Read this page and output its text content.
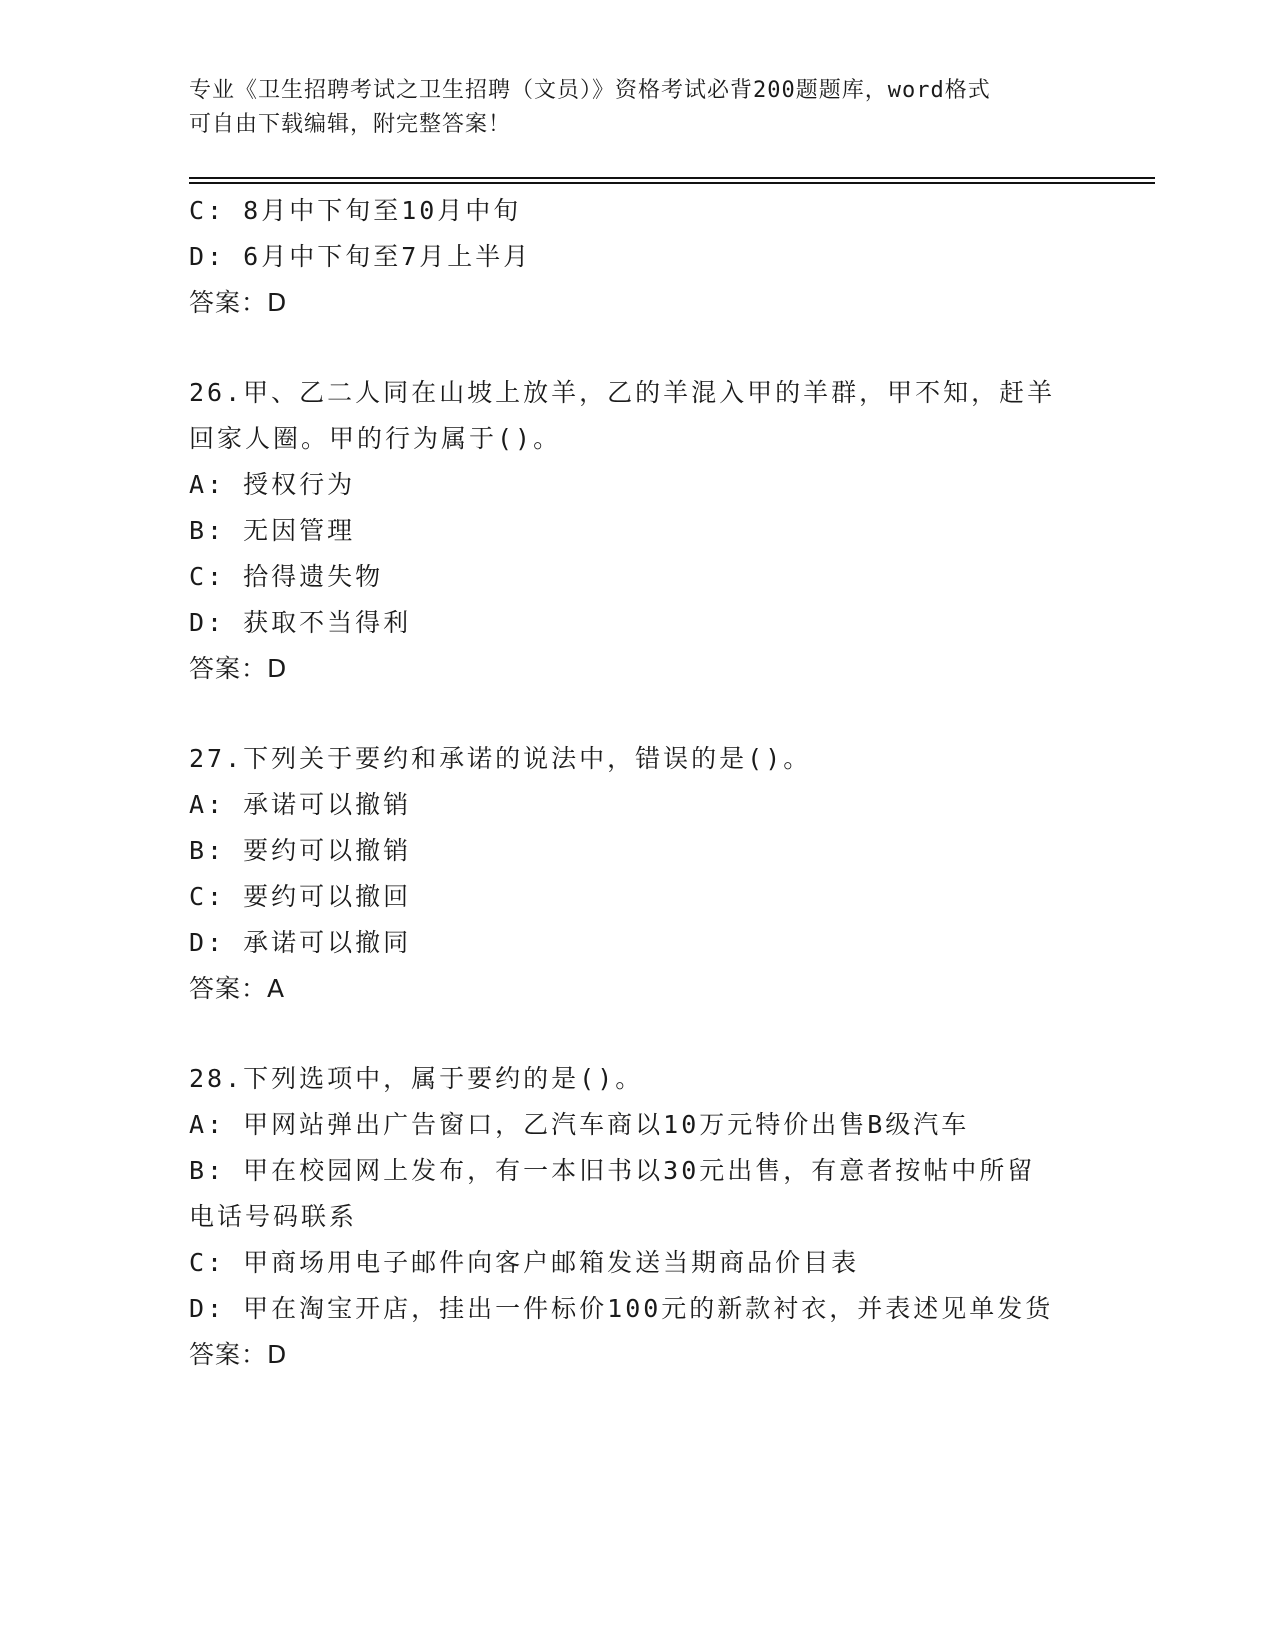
专业《卫生招聘考试之卫生招聘（文员）》资格考试必背200题题库，word格式
可自由下载编辑，附完整答案！
C: 8月中下旬至10月中旬
D: 6月中下旬至7月上半月
答案：D
26.甲、乙二人同在山坡上放羊，乙的羊混入甲的羊群，甲不知，赶羊
回家人圈。甲的行为属于()。
A: 授权行为
B: 无因管理
C: 拾得遗失物
D: 获取不当得利
答案：D
27.下列关于要约和承诺的说法中，错误的是()。
A: 承诺可以撤销
B: 要约可以撤销
C: 要约可以撤回
D: 承诺可以撤同
答案：A
28.下列选项中，属于要约的是()。
A: 甲网站弹出广告窗口，乙汽车商以10万元特价出售B级汽车
B: 甲在校园网上发布，有一本旧书以30元出售，有意者按帖中所留
电话号码联系
C: 甲商场用电子邮件向客户邮箱发送当期商品价目表
D: 甲在淘宝开店，挂出一件标价100元的新款衬衣，并表述见单发货
答案：D
